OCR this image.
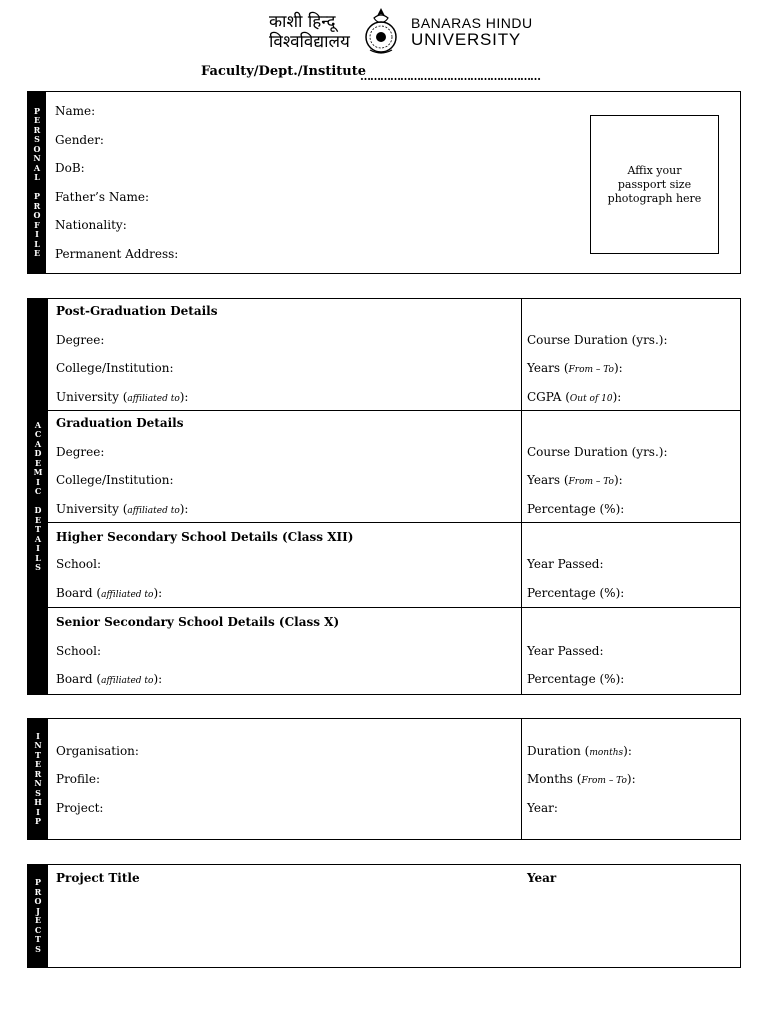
काशी हिन्दू
विश्वविद्यालय
BANARAS HINDU
UNIVERSITY
Faculty/Dept./Institute
………………………………………………
P
E
R
S
O
N
A
L

P
R
O
F
I
L
E
Name:
Gender:
DoB:
Father’s Name:
Nationality:
Permanent Address:
Affix your passport size photograph here
A
C
A
D
E
M
I
C

D
E
T
A
I
L
S
Post-Graduation Details
Degree:
College/Institution:
University (affiliated to):
Course Duration (yrs.):
Years (From – To):
CGPA (Out of 10):
Graduation Details
Degree:
College/Institution:
University (affiliated to):
Course Duration (yrs.):
Years (From – To):
Percentage (%):
Higher Secondary School Details (Class XII)
School:
Board (affiliated to):
Year Passed:
Percentage (%):
Senior Secondary School Details (Class X)
School:
Board (affiliated to):
Year Passed:
Percentage (%):
I
N
T
E
R
N
S
H
I
P
Organisation:
Profile:
Project:
Duration (months):
Months (From – To):
Year:
P
R
O
J
E
C
T
S
Project Title	Year
